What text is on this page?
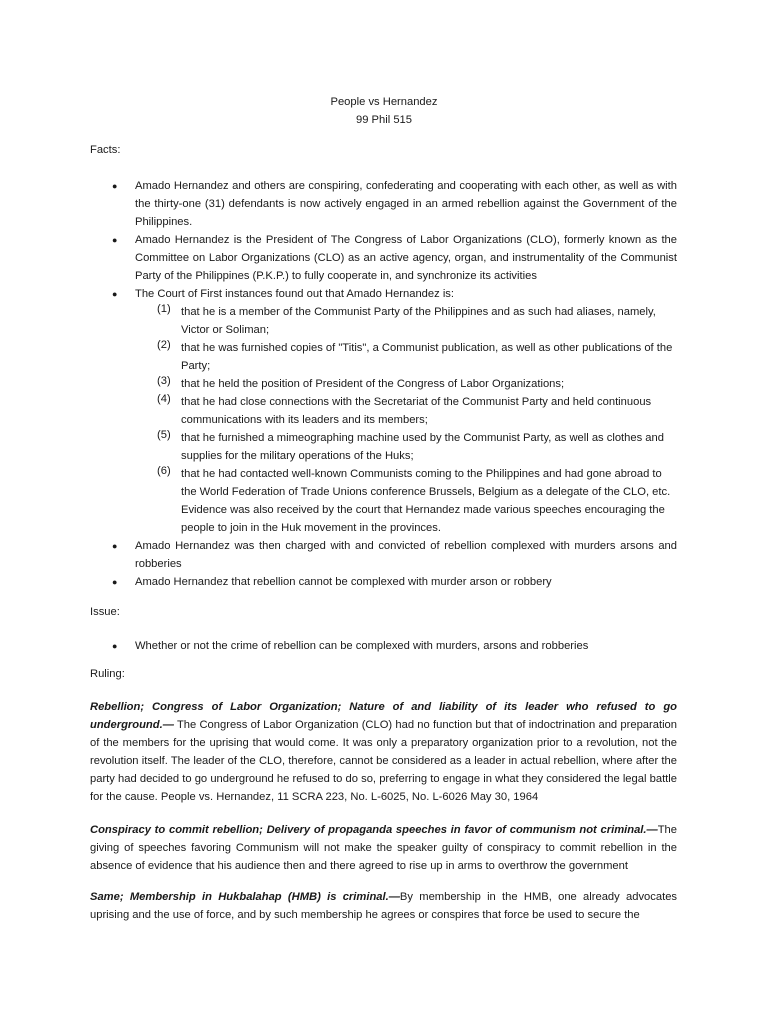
People vs Hernandez
99 Phil 515
Facts:
● Amado Hernandez and others are conspiring, confederating and cooperating with each other, as well as with the thirty-one (31) defendants is now actively engaged in an armed rebellion against the Government of the Philippines.
● Amado Hernandez is the President of The Congress of Labor Organizations (CLO), formerly known as the Committee on Labor Organizations (CLO) as an active agency, organ, and instrumentality of the Communist Party of the Philippines (P.K.P.) to fully cooperate in, and synchronize its activities
● The Court of First instances found out that Amado Hernandez is:
(1) that he is a member of the Communist Party of the Philippines and as such had aliases, namely, Victor or Soliman;
(2) that he was furnished copies of "Titis", a Communist publication, as well as other publications of the Party;
(3) that he held the position of President of the Congress of Labor Organizations;
(4) that he had close connections with the Secretariat of the Communist Party and held continuous communications with its leaders and its members;
(5) that he furnished a mimeographing machine used by the Communist Party, as well as clothes and supplies for the military operations of the Huks;
(6) that he had contacted well-known Communists coming to the Philippines and had gone abroad to the World Federation of Trade Unions conference Brussels, Belgium as a delegate of the CLO, etc. Evidence was also received by the court that Hernandez made various speeches encouraging the people to join in the Huk movement in the provinces.
● Amado Hernandez was then charged with and convicted of rebellion complexed with murders arsons and robberies
● Amado Hernandez that rebellion cannot be complexed with murder arson or robbery
Issue:
● Whether or not the crime of rebellion can be complexed with murders, arsons and robberies
Ruling:
Rebellion; Congress of Labor Organization; Nature of and liability of its leader who refused to go underground.— The Congress of Labor Organization (CLO) had no function but that of indoctrination and preparation of the members for the uprising that would come. It was only a preparatory organization prior to a revolution, not the revolution itself. The leader of the CLO, therefore, cannot be considered as a leader in actual rebellion, where after the party had decided to go underground he refused to do so, preferring to engage in what they considered the legal battle for the cause. People vs. Hernandez, 11 SCRA 223, No. L-6025, No. L-6026 May 30, 1964
Conspiracy to commit rebellion; Delivery of propaganda speeches in favor of communism not criminal.—The giving of speeches favoring Communism will not make the speaker guilty of conspiracy to commit rebellion in the absence of evidence that his audience then and there agreed to rise up in arms to overthrow the government
Same; Membership in Hukbalahap (HMB) is criminal.—By membership in the HMB, one already advocates uprising and the use of force, and by such membership he agrees or conspires that force be used to secure the
